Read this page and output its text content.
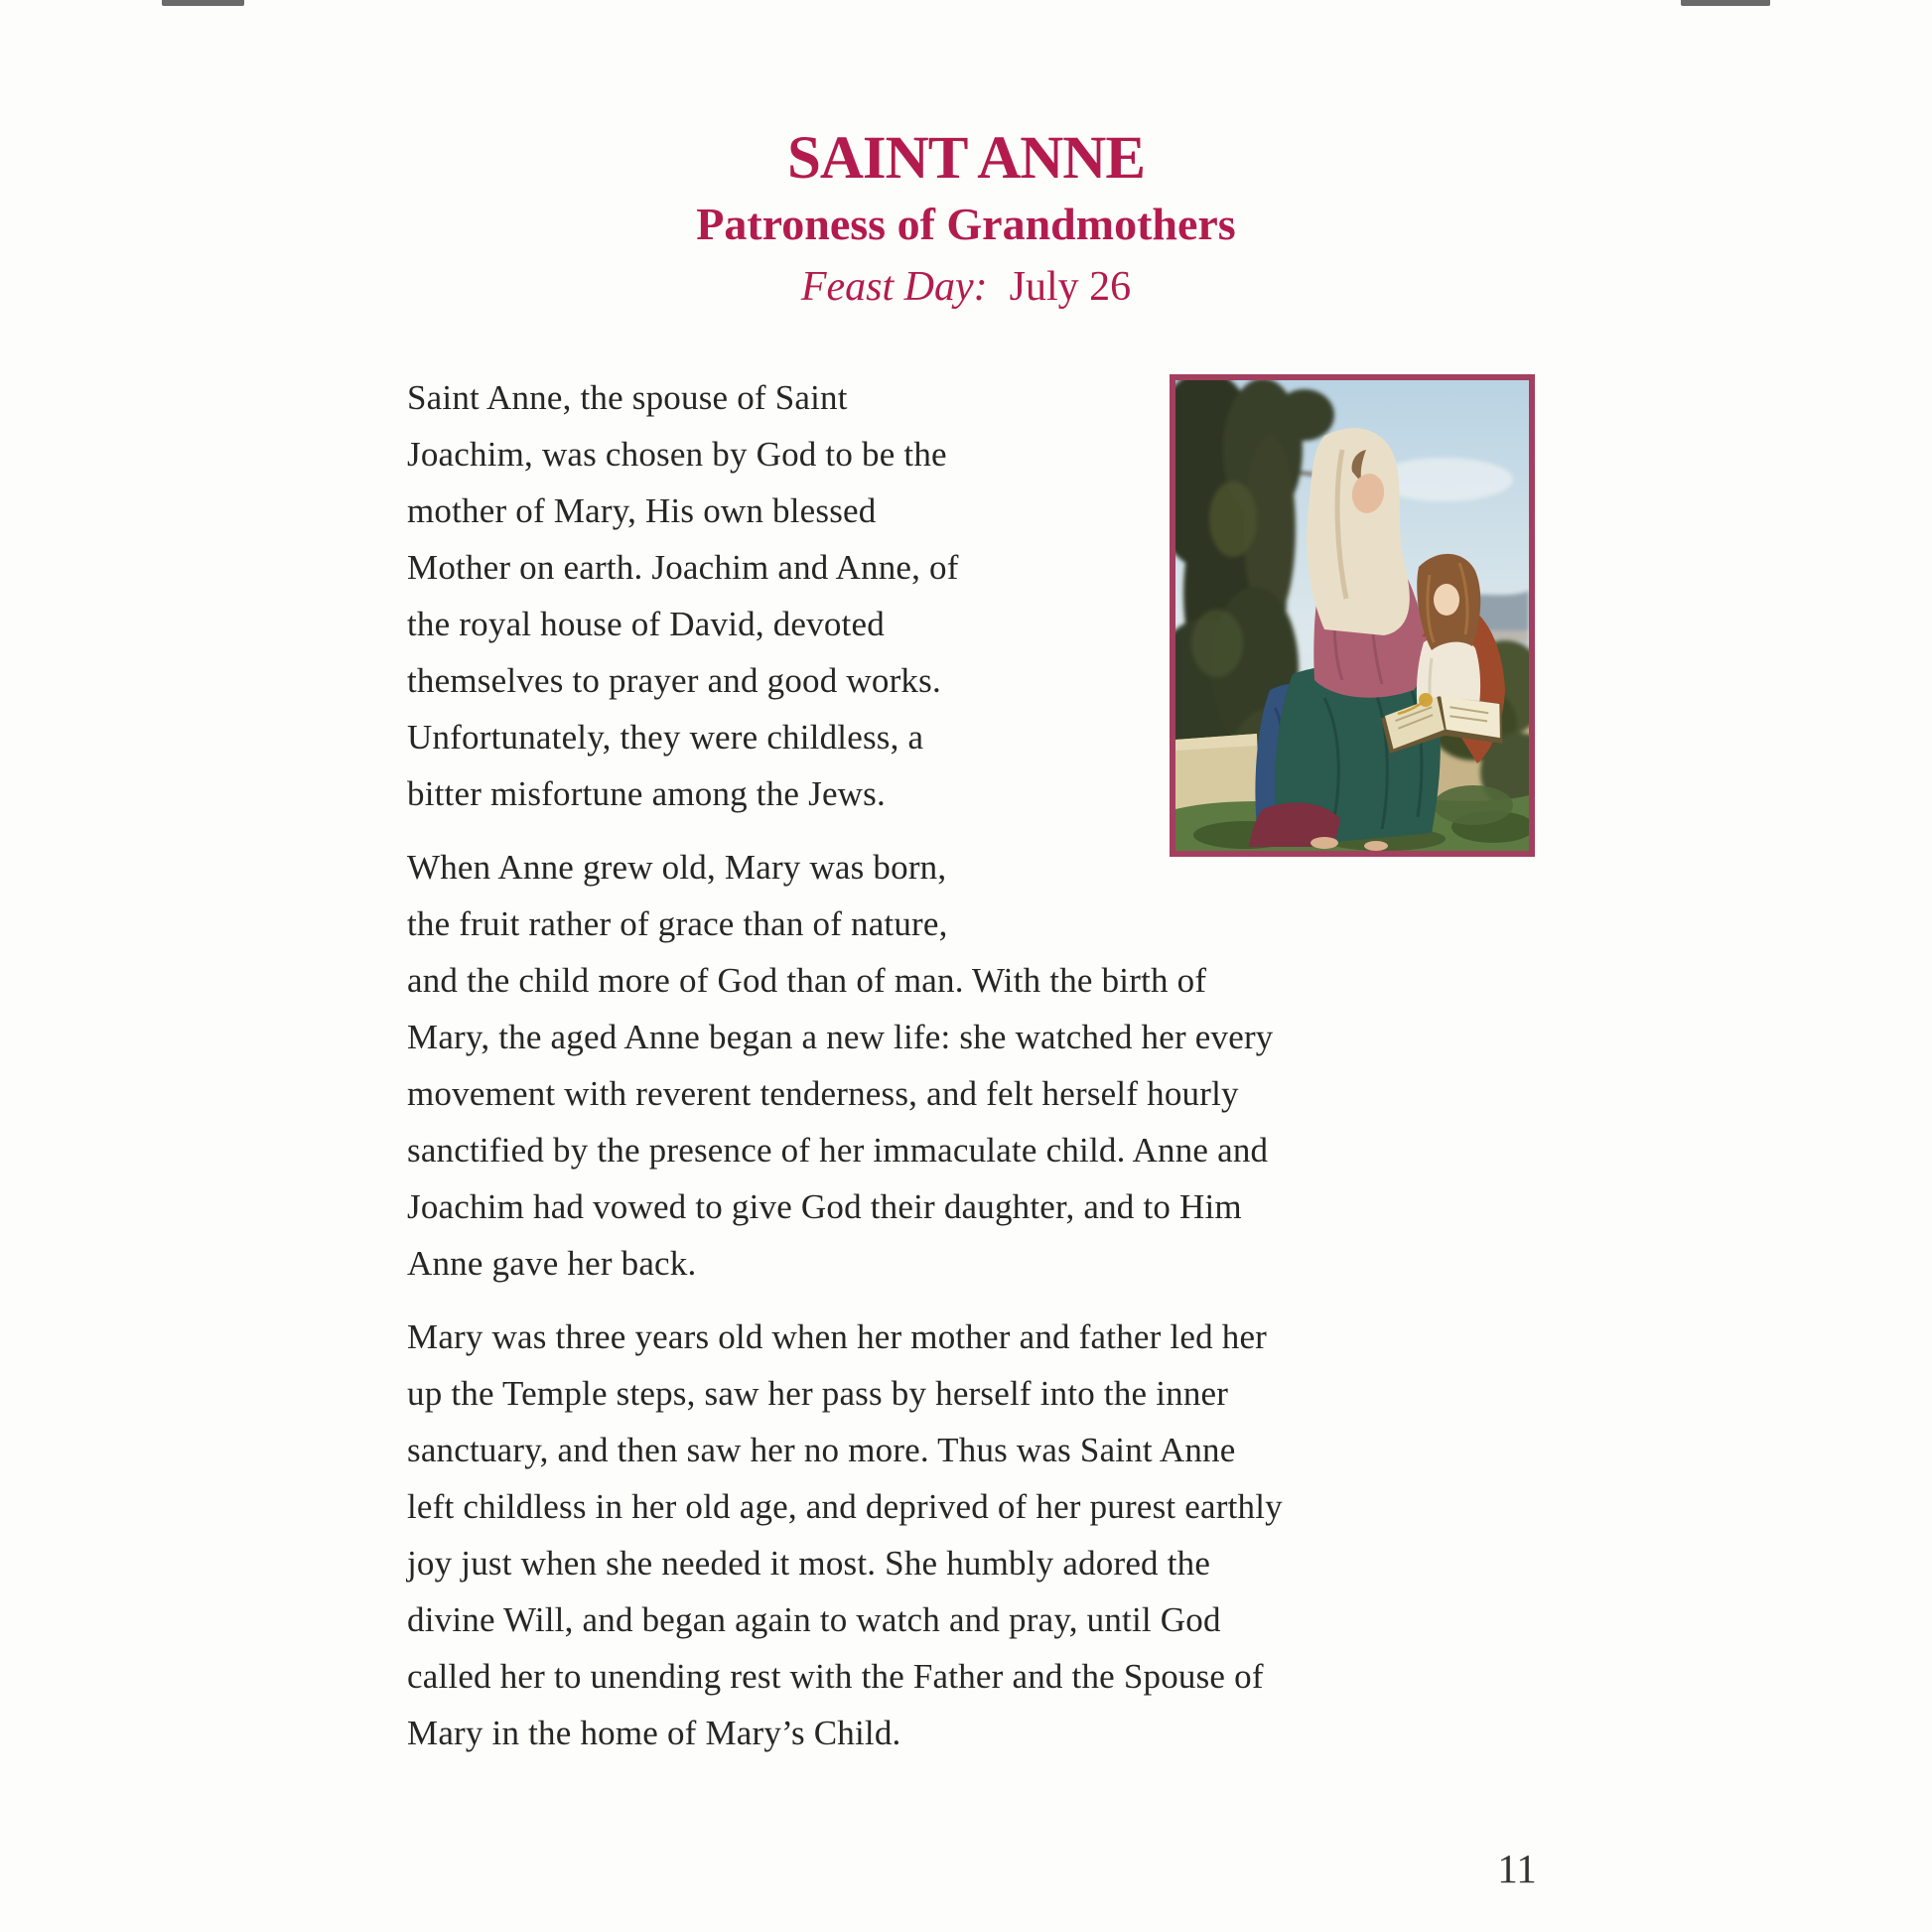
SAINT ANNE
Patroness of Grandmothers

Feast Day: July 26

Saint Anne, the spouse of Saint
Joachim, was chosen by God to be the
mother of Mary, His own blessed
Mother on earth. Joachim and Anne, of
the royal house of David, devoted
themselves to prayer and good works.
Unfortunately, they were childless, a
bitter misfortune among the Jews.
When Anne grew old, Mary was born,
the fruit rather of grace than of nature,
and the child more of God than of man. With the birth of
Mary, the aged Anne began a new life: she watched her every
movement with reverent tenderness, and felt herself hourly
sanctified by the presence of her immaculate child. Anne and
Joachim had vowed to give God their daughter, and to Him
Anne gave her back.
Mary was three years old when her mother and father led her
up the Temple steps, saw her pass by herself into the inner
sanctuary, and then saw her no more. Thus was Saint Anne
left childless in her old age, and deprived of her purest earthly
joy just when she needed it most. She humbly adored the
divine Will, and began again to watch and pray, until God
called her to unending rest with the Father and the Spouse of
Mary in the home of Mary’s Child.
11
